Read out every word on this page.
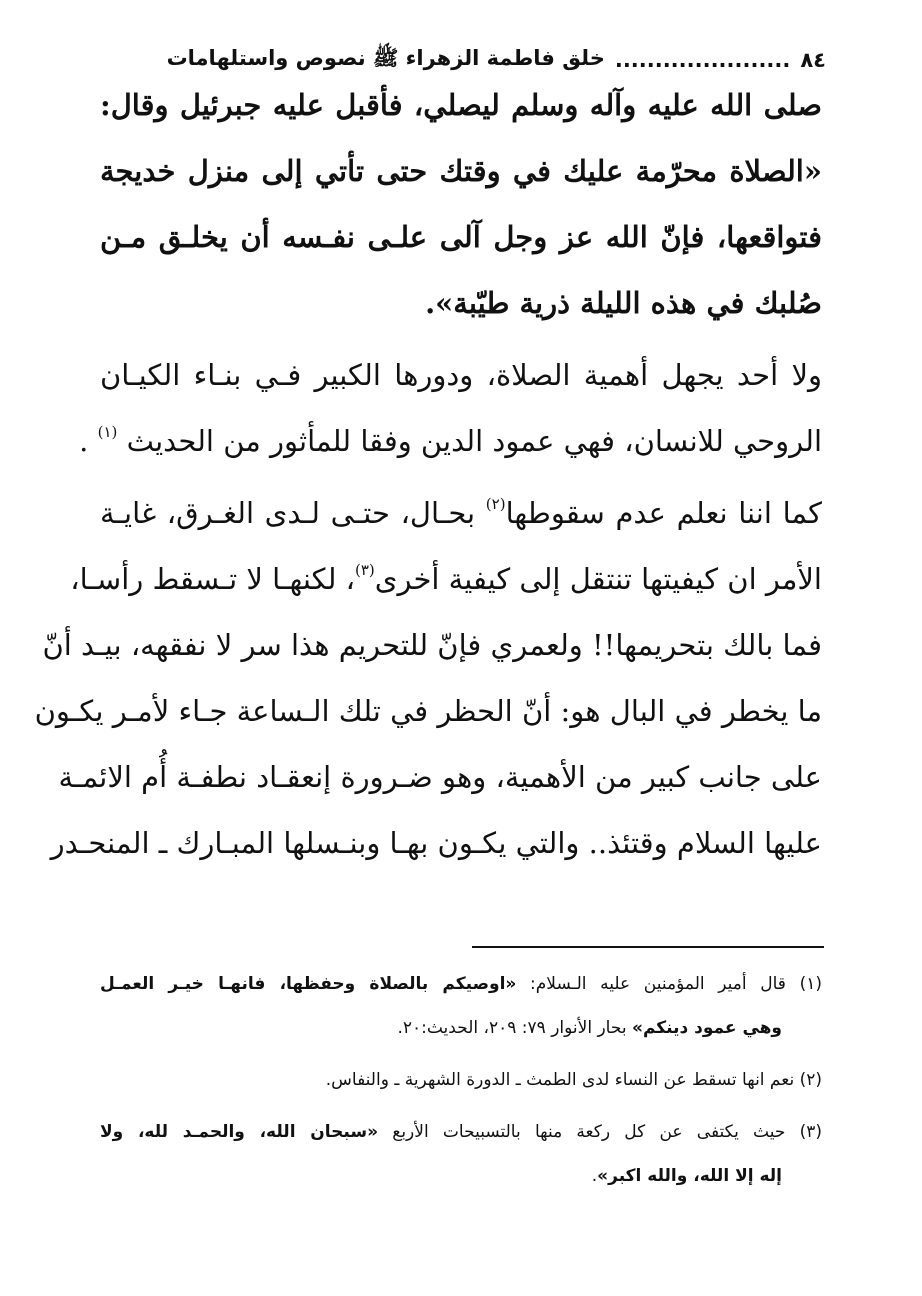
٨٤
......................
خلق فاطمة الزهراء ﷺ نصوص واستلهامات
صلى الله عليه وآله وسلم ليصلي، فأقبل عليه جبرئيل وقال:
«الصلاة محرّمة عليك في وقتك حتى تأتي إلى منزل خديجة
فتواقعها، فإنّ الله عز وجل آلى علـى نفـسه أن يخلـق مـن
صُلبك في هذه الليلة ذرية طيّبة».
ولا أحد يجهل أهمية الصلاة، ودورها الكبير فـي بنـاء الكيـان
الروحي للانسان، فهي عمود الدين وفقا للمأثور من الحديث $^{(١)}$ .
كما اننا نعلم عدم سقوطها$^{(٢)}$ بحـال، حتـى لـدى الغـرق، غايـة
الأمر ان كيفيتها تنتقل إلى كيفية أخرى$^{(٣)}$، لكنهـا لا تـسقط رأسـا،
فما بالك بتحريمها!! ولعمري فإنّ للتحريم هذا سر لا نفقهه، بيـد أنّ
ما يخطر في البال هو: أنّ الحظر في تلك الـساعة جـاء لأمـر يكـون
على جانب كبير من الأهمية، وهو ضـرورة إنعقـاد نطفـة أُم الائمـة
عليها السلام وقتئذ.. والتي يكـون بهـا وبنـسلها المبـارك ـ المنحـدر
(١) قال أمير المؤمنين عليه الـسلام: «اوصيكم بالصلاة وحفظها، فانهـا خيـر العمـل
وهي عمود دينكم» بحار الأنوار ٧٩: ٢٠٩، الحديث:٢٠.
(٢) نعم انها تسقط عن النساء لدى الطمث ـ الدورة الشهرية ـ والنفاس.
(٣) حيث يكتفى عن كل ركعة منها بالتسبيحات الأربع «سبحان الله، والحمـد لله، ولا
إله إلا الله، والله اكبر».
